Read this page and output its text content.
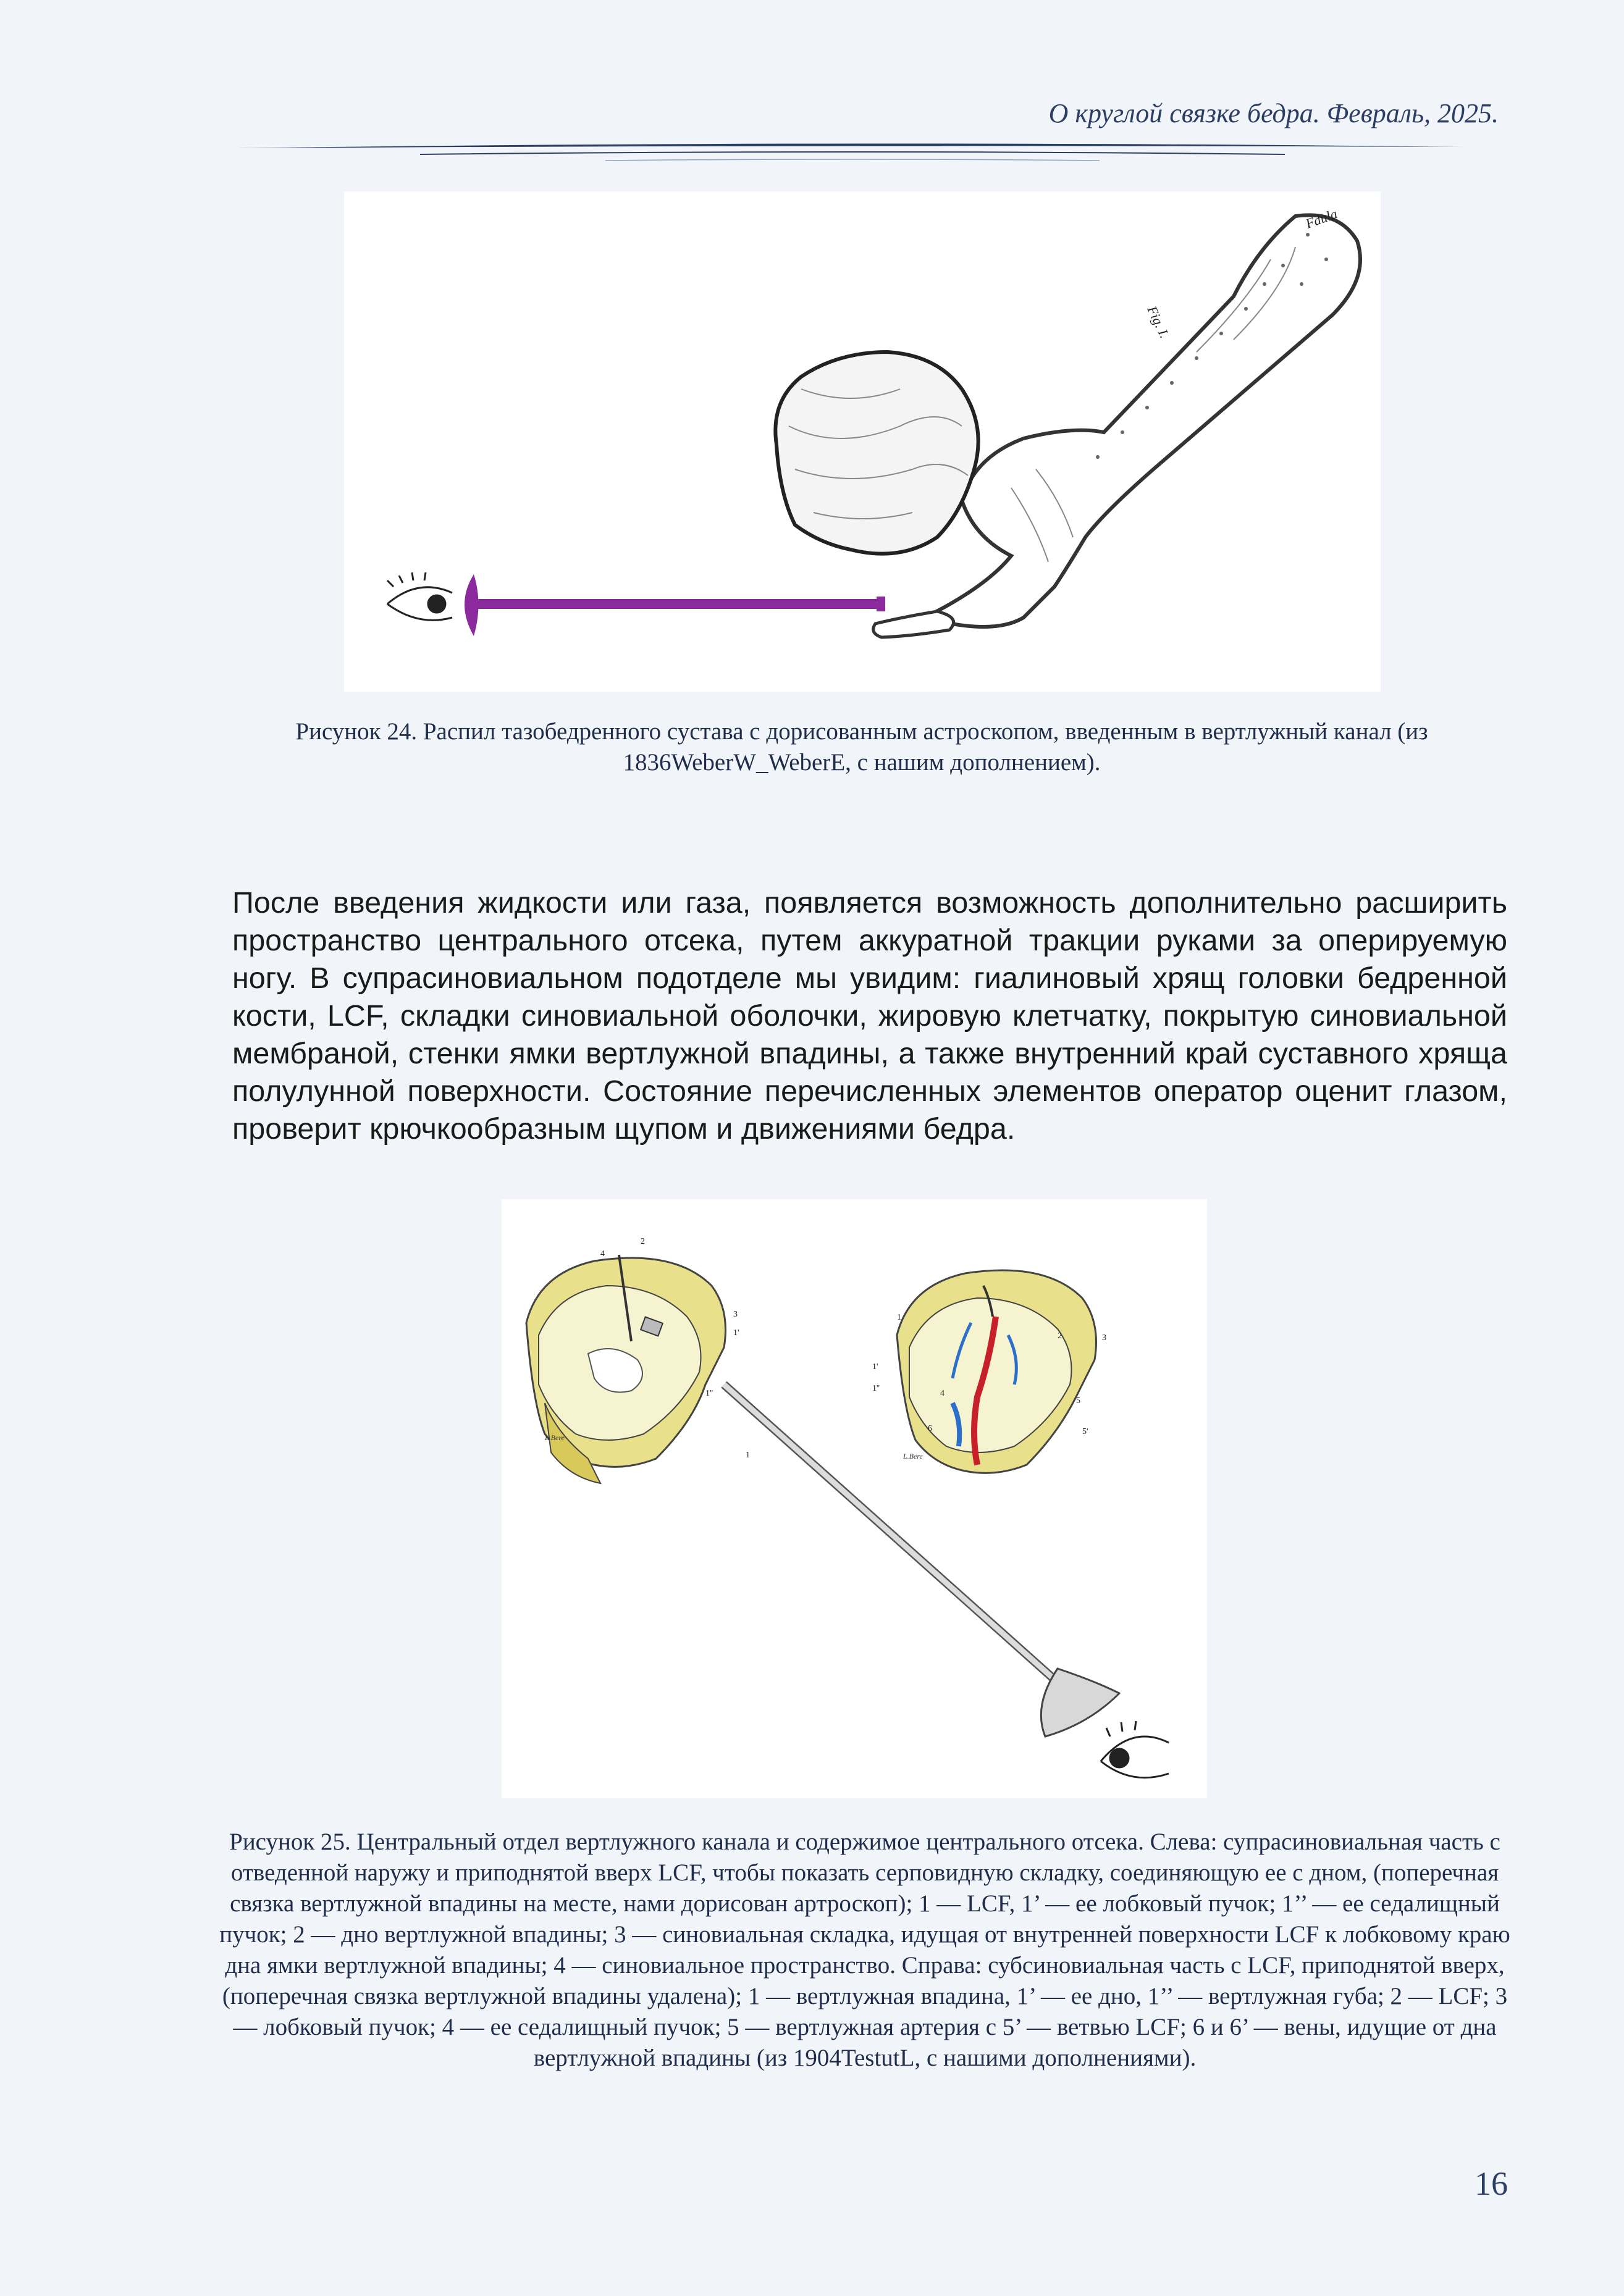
О круглой связке бедра. Февраль, 2025.
Fdula
Fig. I.
Рисунок 24. Распил тазобедренного сустава с дорисованным астроскопом, введенным в вертлужный канал (из 1836WeberW_WeberE, с нашим дополнением).

После введения жидкости или газа, появляется возможность дополнительно расширить пространство центрального отсека, путем аккуратной тракции руками за оперируемую ногу. В супрасиновиальном подотделе мы увидим: гиалиновый хрящ головки бедренной кости, LCF, складки синовиальной оболочки, жировую клетчатку, покрытую синовиальной мембраной, стенки ямки вертлужной впадины, а также внутренний край суставного хряща полулунной поверхности. Состояние перечисленных элементов оператор оценит глазом, проверит крючкообразным щупом и движениями бедра.

4
2
3
1'
1''
1
L.Bere
1
1'
1''
2	3
4
6
5
5'
L.Bere
Рисунок 25. Центральный отдел вертлужного канала и содержимое центрального отсека. Слева: супрасиновиальная часть с отведенной наружу и приподнятой вверх LCF, чтобы показать серповидную складку, соединяющую ее с дном, (поперечная связка вертлужной впадины на месте, нами дорисован артроскоп); 1 — LCF, 1’ — ее лобковый пучок; 1’’ — ее седалищный пучок; 2 — дно вертлужной впадины; 3 — синовиальная складка, идущая от внутренней поверхности LCF к лобковому краю дна ямки вертлужной впадины; 4 — синовиальное пространство. Справа: субсиновиальная часть с LCF, приподнятой вверх, (поперечная связка вертлужной впадины удалена); 1 — вертлужная впадина, 1’ — ее дно, 1’’ — вертлужная губа; 2 — LCF; 3 — лобковый пучок; 4 — ее седалищный пучок; 5 — вертлужная артерия с 5’ — ветвью LCF; 6 и 6’ — вены, идущие от дна вертлужной впадины (из 1904TestutL, с нашими дополнениями).
16
